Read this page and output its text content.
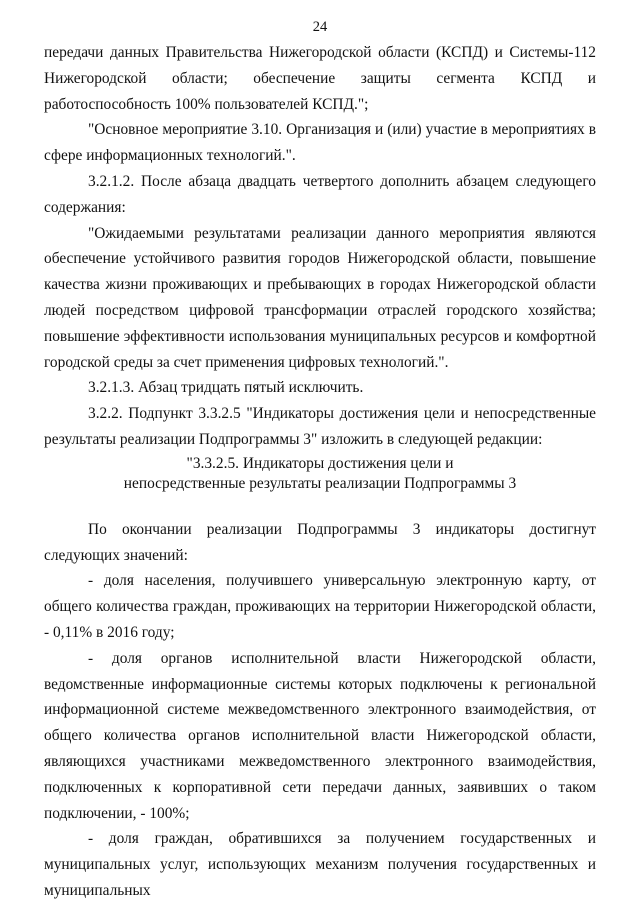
24

передачи данных Правительства Нижегородской области (КСПД) и Системы-112 Нижегородской области; обеспечение защиты сегмента КСПД и работоспособность 100% пользователей КСПД.";

"Основное мероприятие 3.10. Организация и (или) участие в мероприятиях в сфере информационных технологий.".

3.2.1.2. После абзаца двадцать четвертого дополнить абзацем следующего содержания:

"Ожидаемыми результатами реализации данного мероприятия являются обеспечение устойчивого развития городов Нижегородской области, повышение качества жизни проживающих и пребывающих в городах Нижегородской области людей посредством цифровой трансформации отраслей городского хозяйства; повышение эффективности использования муниципальных ресурсов и комфортной городской среды за счет применения цифровых технологий.".

3.2.1.3. Абзац тридцать пятый исключить.

3.2.2. Подпункт 3.3.2.5 "Индикаторы достижения цели и непосредственные результаты реализации Подпрограммы 3" изложить в следующей редакции:

"3.3.2.5. Индикаторы достижения цели и
непосредственные результаты реализации Подпрограммы 3

По окончании реализации Подпрограммы 3 индикаторы достигнут следующих значений:

- доля населения, получившего универсальную электронную карту, от общего количества граждан, проживающих на территории Нижегородской области, - 0,11% в 2016 году;

- доля органов исполнительной власти Нижегородской области, ведомственные информационные системы которых подключены к региональной информационной системе межведомственного электронного взаимодействия, от общего количества органов исполнительной власти Нижегородской области, являющихся участниками межведомственного электронного взаимодействия, подключенных к корпоративной сети передачи данных, заявивших о таком подключении, - 100%;

- доля граждан, обратившихся за получением государственных и муниципальных услуг, использующих механизм получения государственных и муниципальных
